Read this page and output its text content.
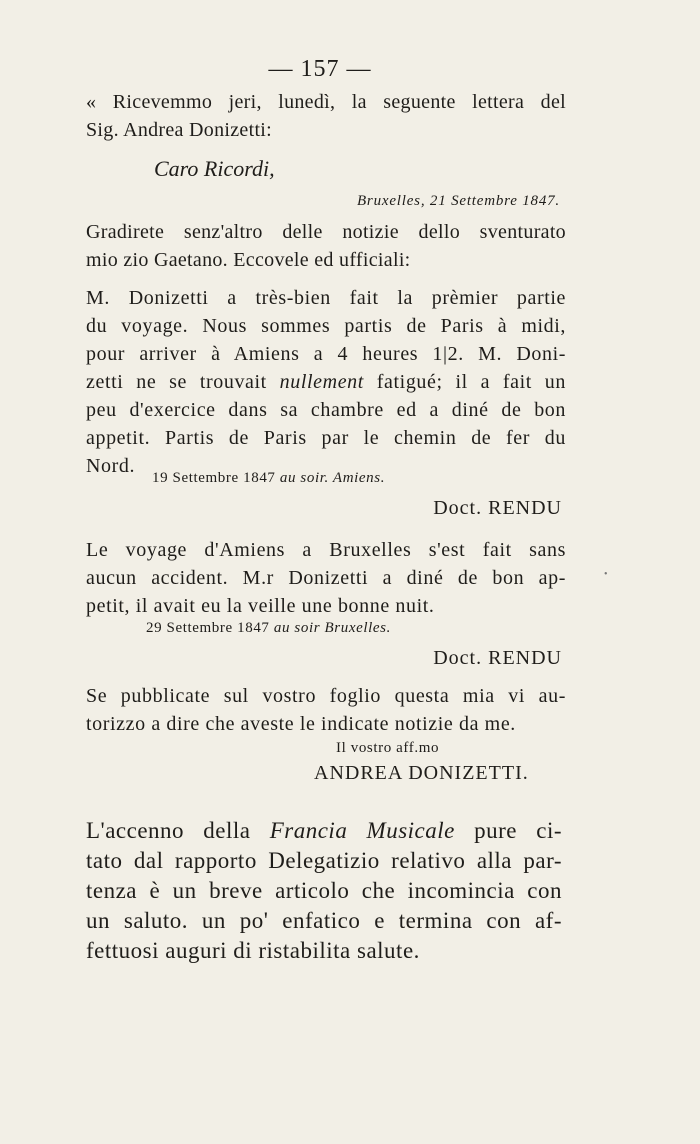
— 157 —
« Ricevemmo jeri, lunedì, la seguente lettera del
Sig. Andrea Donizetti:
Caro Ricordi,
Bruxelles, 21 Settembre 1847.
Gradirete senz'altro delle notizie dello sventurato
mio zio Gaetano. Eccovele ed ufficiali:
M. Donizetti a très-bien fait la prèmier partie
du voyage. Nous sommes partis de Paris à midi,
pour arriver à Amiens a 4 heures 1|2. M. Doni-
zetti ne se trouvait nullement fatigué; il a fait un
peu d'exercice dans sa chambre ed a diné de bon
appetit. Partis de Paris par le chemin de fer du
Nord.
19 Settembre 1847 au soir. Amiens.
Doct. RENDU
Le voyage d'Amiens a Bruxelles s'est fait sans
aucun accident. M.r Donizetti a diné de bon ap-
petit, il avait eu la veille une bonne nuit.
•
29 Settembre 1847 au soir Bruxelles.
Doct. RENDU
Se pubblicate sul vostro foglio questa mia vi au-
torizzo a dire che aveste le indicate notizie da me.
Il vostro aff.mo
ANDREA DONIZETTI.
L'accenno della Francia Musicale pure ci-
tato dal rapporto Delegatizio relativo alla par-
tenza è un breve articolo che incomincia con
un saluto. un po' enfatico e termina con af-
fettuosi auguri di ristabilita salute.
